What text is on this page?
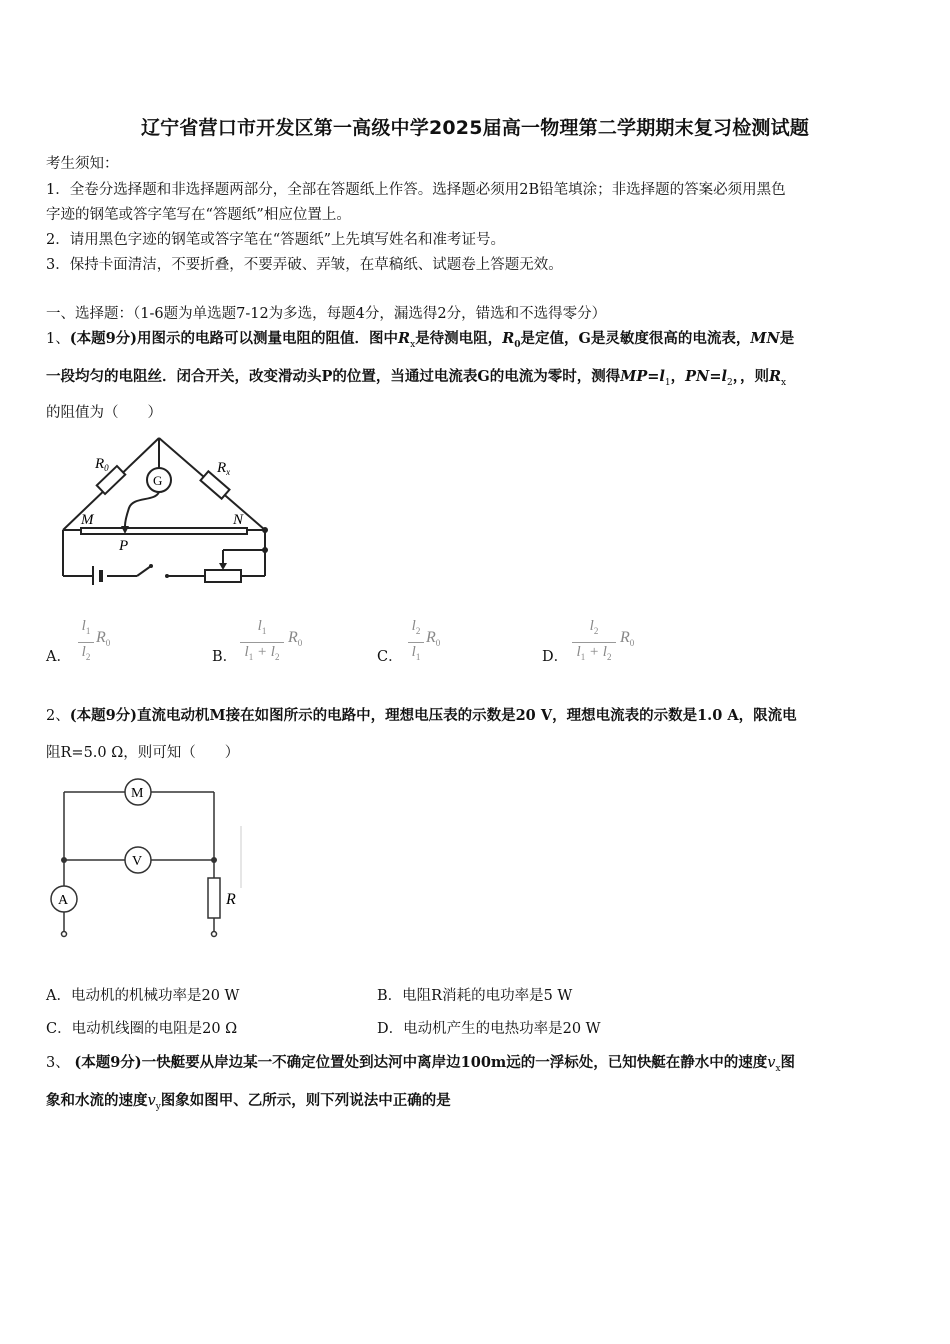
辽宁省营口市开发区第一高级中学2025届高一物理第二学期期末复习检测试题
考生须知：
1．全卷分选择题和非选择题两部分，全部在答题纸上作答。选择题必须用2B铅笔填涂；非选择题的答案必须用黑色
字迹的钢笔或答字笔写在“答题纸”相应位置上。
2．请用黑色字迹的钢笔或答字笔在“答题纸”上先填写姓名和准考证号。
3．保持卡面清洁，不要折叠，不要弄破、弄皱，在草稿纸、试题卷上答题无效。
一、选择题：（1-6题为单选题7-12为多选，每题4分，漏选得2分，错选和不选得零分）
1、(本题9分)用图示的电路可以测量电阻的阻值．图中$R_x$是待测电阻，$R_0$是定值，G是灵敏度很高的电流表，MN是
一段均匀的电阻丝．闭合开关，改变滑动头P的位置，当通过电流表G的电流为零时，测得$MP=l_1$，$PN=l_2$，，则$R_x$
的阻值为（　　）
$R_0$	$R_x$
G
M	N
P
A．
$l_1$
$l_2$
$R_0$
B．
$l_1$
$l_1 + l_2$
$R_0$
C．
$l_2$
$l_1$
$R_0$
D．
$l_2$
$l_1 + l_2$
$R_0$
2、(本题9分)直流电动机M接在如图所示的电路中，理想电压表的示数是20 V，理想电流表的示数是1.0 A，限流电
阻R=5.0 Ω，则可知（　　）
M
V
A	R
A．电动机的机械功率是20 W	B．电阻R消耗的电功率是5 W
C．电动机线圈的电阻是20 Ω	D．电动机产生的电热功率是20 W
3、 (本题9分)一快艇要从岸边某一不确定位置处到达河中离岸边100m远的一浮标处，已知快艇在静水中的速度$v_x$图
象和水流的速度$v_y$图象如图甲、乙所示，则下列说法中正确的是
